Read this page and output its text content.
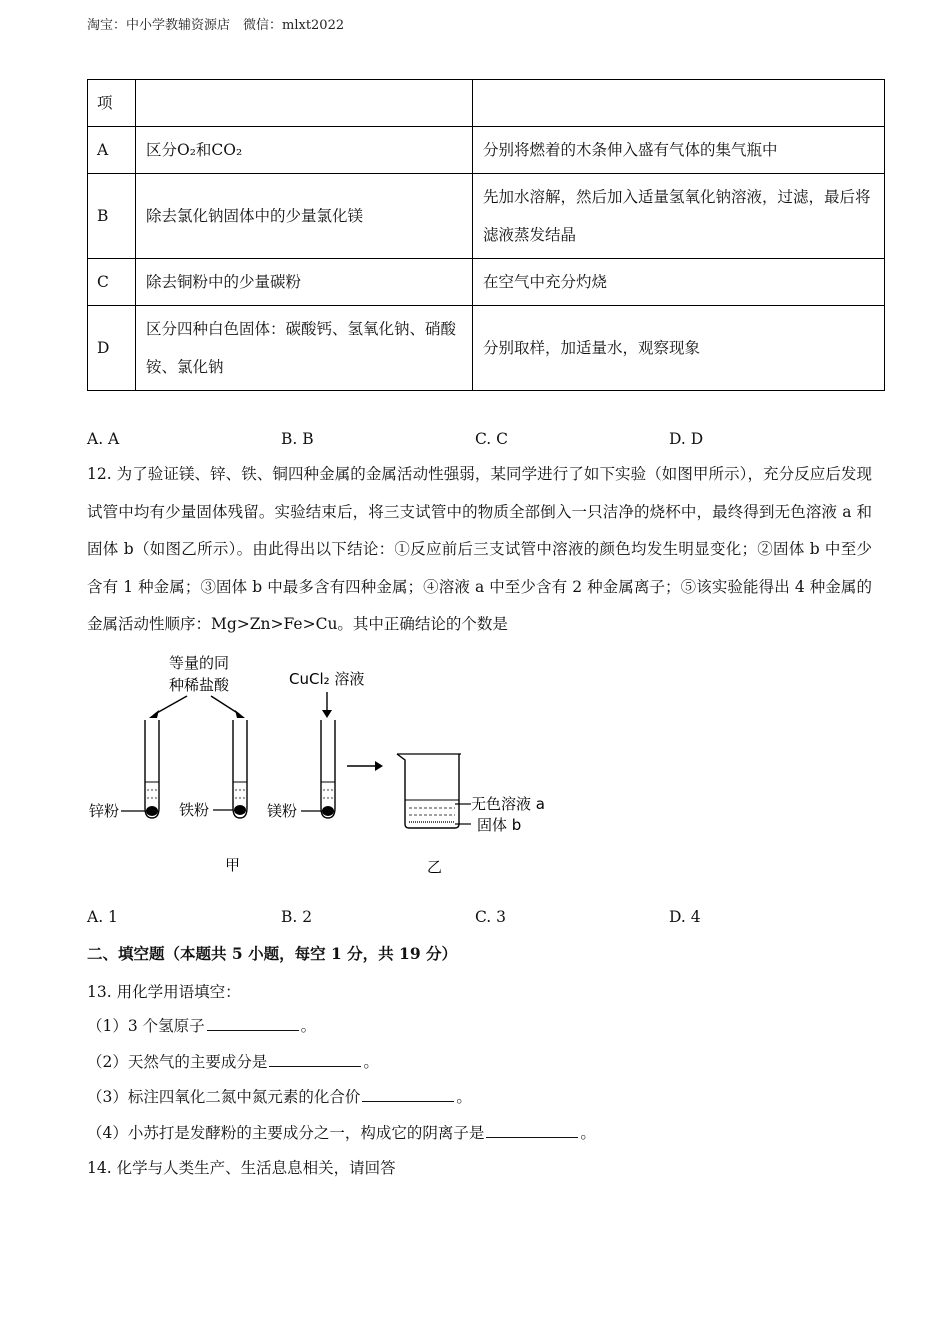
淘宝：中小学教辅资源店　微信：mlxt2022
项		
A	区分O₂和CO₂	分别将燃着的木条伸入盛有气体的集气瓶中
B	除去氯化钠固体中的少量氯化镁	先加水溶解，然后加入适量氢氧化钠溶液，过滤，最后将滤液蒸发结晶
C	除去铜粉中的少量碳粉	在空气中充分灼烧
D	区分四种白色固体：碳酸钙、氢氧化钠、硝酸铵、氯化钠	分别取样，加适量水，观察现象
A. A	B. B	C. C	D. D
12. 为了验证镁、锌、铁、铜四种金属的金属活动性强弱，某同学进行了如下实验（如图甲所示），充分反应后发现试管中均有少量固体残留。实验结束后，将三支试管中的物质全部倒入一只洁净的烧杯中，最终得到无色溶液 a 和固体 b（如图乙所示）。由此得出以下结论：①反应前后三支试管中溶液的颜色均发生明显变化；②固体 b 中至少含有 1 种金属；③固体 b 中最多含有四种金属；④溶液 a 中至少含有 2 种金属离子；⑤该实验能得出 4 种金属的金属活动性顺序：Mg>Zn>Fe>Cu。其中正确结论的个数是
等量的同
种稀盐酸	CuCl₂ 溶液
锌粉	铁粉	镁粉	无色溶液 a
固体 b
甲	乙
A. 1	B. 2	C. 3	D. 4
二、填空题（本题共 5 小题，每空 1 分，共 19 分）
13. 用化学用语填空：
（1）3 个氢原子	。
（2）天然气的主要成分是	。
（3）标注四氧化二氮中氮元素的化合价	。
（4）小苏打是发酵粉的主要成分之一，构成它的阴离子是	。
14. 化学与人类生产、生活息息相关，请回答
